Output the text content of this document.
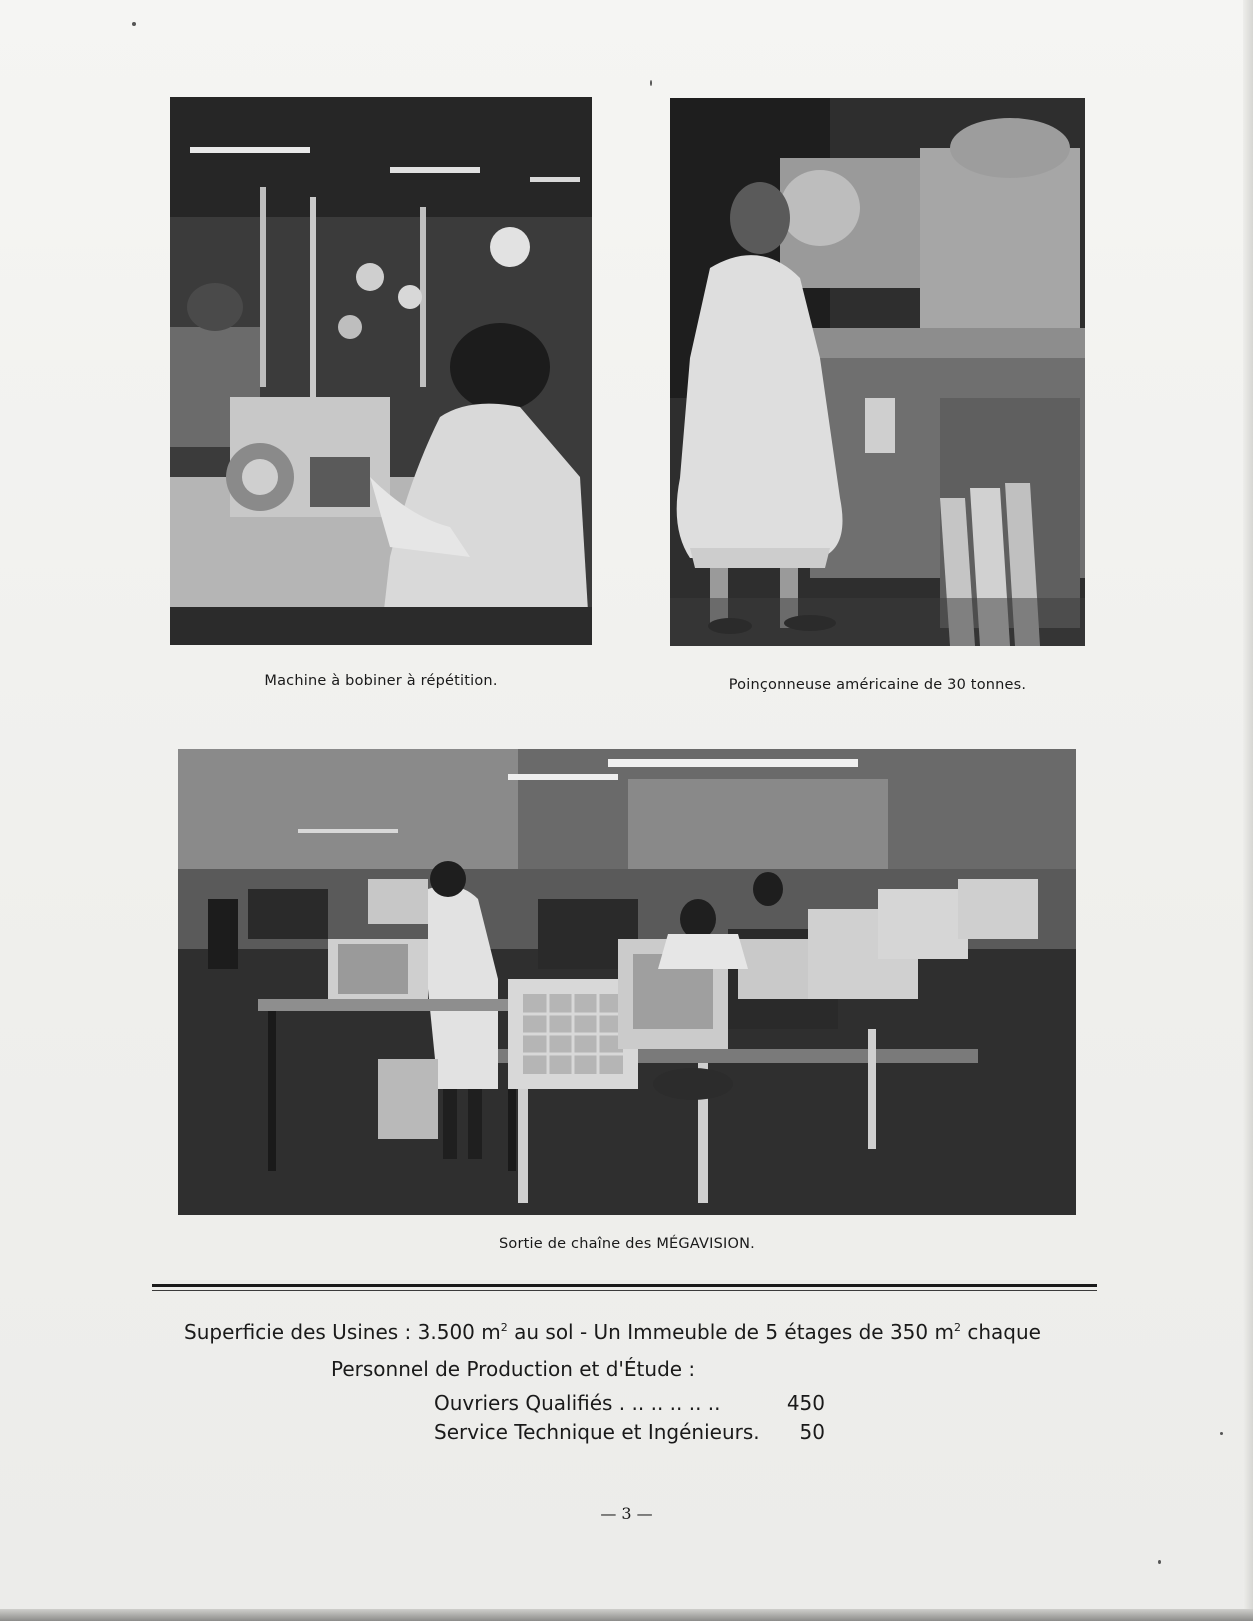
Machine à bobiner à répétition.	Poinçonneuse américaine de 30 tonnes.
Sortie de chaîne des MÉGAVISION.
Superficie des Usines : 3.500 $m^2$ au sol - Un Immeuble de 5 étages de 350 $m^2$ chaque
Personnel de Production et d'Étude :
Ouvriers Qualifiés . .. .. .. .. ..	450
Service Technique et Ingénieurs.	50
— 3 —
